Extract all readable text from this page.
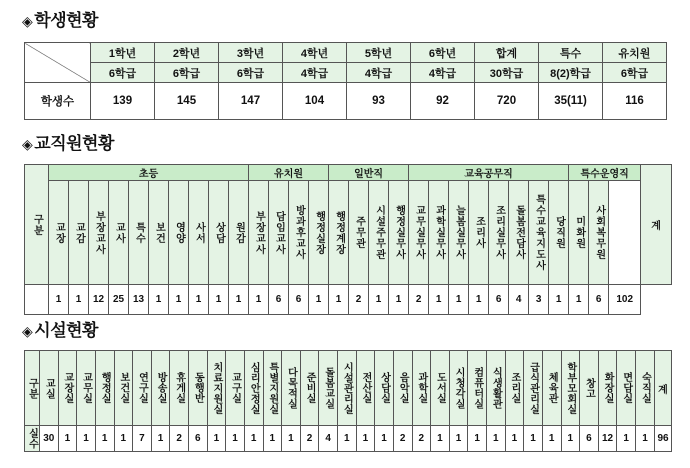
◈ 학생현황
	1학년	2학년	3학년	4학년	5학년	6학년	합계	특수	유치원
	6학급	6학급	6학급	4학급	4학급	4학급	30학급	8(2)학급	6학급
학생수	139	145	147	104	93	92	720	35(11)	116
◈ 교직원현황
구분	초등										유치원				일반직				교육공무직								특수운영직			계

	교장	교감	부장교사	교사	특수	보건	영양	사서	상담	원감	부장교사	담임교사	방과후교사	행정실장	행정계장	주무관	시설주무관	행정실무사	교무실무사	과학실무사	늘봄실무사	조리사	조리실무사	돌봄전담사	특수교육지도사	당직원	미화원	사회복무원		

	1	1	12	25	13	1	1	1	1	1	1	6	6	1	1	2	1	1	2	1	1	1	6	4	3	1	1	6	102	
◈ 시설현황
구분	교실	교장실	교무실	행정실	보건실	연구실	방송실	휴게실	동행반	치료지원실	교구실	심리안정실	특별지원실	다목적실	준비실	돌봄교실	시설관리실	전산실	상담실	음악실	과학실	도서실	시청각실	컴퓨터실	식생활관	조리실	급식관리실	체육관	학부모회실	창고	화장실	면담실	숙직실	계

실수	30	1	1	1	1	7	1	2	6	1	1	1	1	1	2	4	1	1	1	2	2	1	1	1	1	1	1	1	1	6	12	1	1	96
